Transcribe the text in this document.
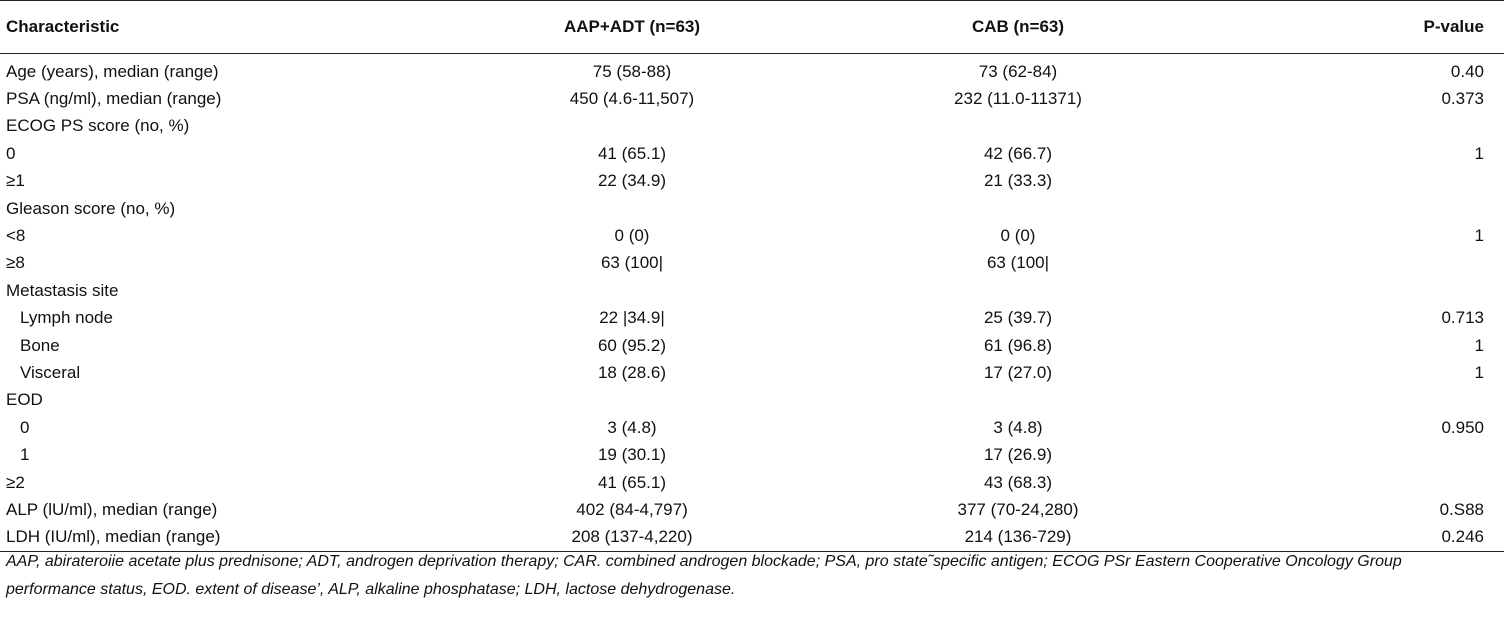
Characteristic	AAP+ADT (n=63)	CAB (n=63)	P-value
Age (years), median (range)	75 (58-88)	73 (62-84)	0.40
PSA (ng/ml), median (range)	450 (4.6-11,507)	232 (11.0-11371)	0.373
ECOG PS score (no, %)			
0	41 (65.1)	42 (66.7)	1
≥1	22 (34.9)	21 (33.3)	
Gleason score (no, %)			
<8	0 (0)	0 (0)	1
≥8	63 (100|	63 (100|	
Metastasis site			
Lymph node	22 |34.9|	25 (39.7)	0.713
Bone	60 (95.2)	61 (96.8)	1
Visceral	18 (28.6)	17 (27.0)	1
EOD			
0	3 (4.8)	3 (4.8)	0.950
1	19 (30.1)	17 (26.9)	
≥2	41 (65.1)	43 (68.3)	
ALP (lU/ml), median (range)	402 (84-4,797)	377 (70-24,280)	0.S88
LDH (IU/ml), median (range)	208 (137-4,220)	214 (136-729)	0.246
AAP, abirateroiie acetate plus prednisone; ADT, androgen deprivation therapy; CAR. combined androgen blockade; PSA, pro state˜specific antigen; ECOG PSr Eastern Cooperative Oncology Group performance status, EOD. extent of disease’, ALP, alkaline phosphatase; LDH, lactose dehydrogenase.
